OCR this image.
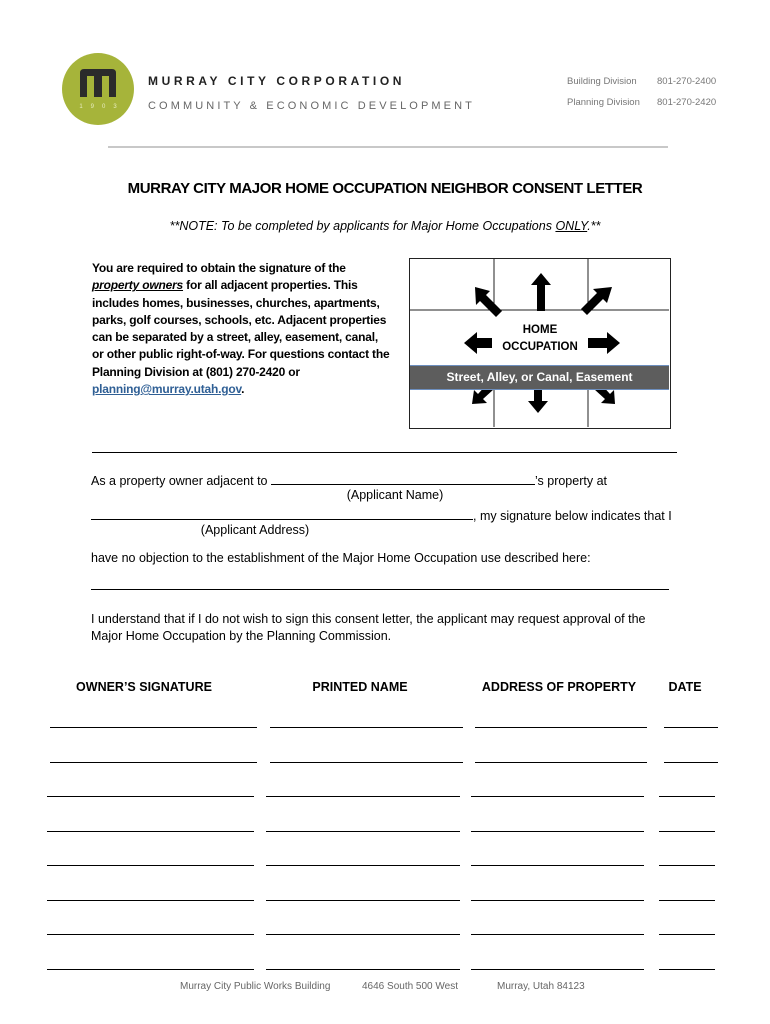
1903
MURRAY CITY CORPORATION
COMMUNITY & ECONOMIC DEVELOPMENT
Building Division 801-270-2400
Planning Division 801-270-2420
MURRAY CITY MAJOR HOME OCCUPATION NEIGHBOR CONSENT LETTER
**NOTE: To be completed by applicants for Major Home Occupations ONLY.**
You are required to obtain the signature of the property owners for all adjacent properties. This includes homes, businesses, churches, apartments, parks, golf courses, schools, etc. Adjacent properties can be separated by a street, alley, easement, canal, or other public right-of-way. For questions contact the Planning Division at (801) 270-2420 or planning@murray.utah.gov.
HOME
OCCUPATION
Street, Alley, or Canal, Easement
As a property owner adjacent to	’s property at
(Applicant Name)
, my signature below indicates that I
(Applicant Address)
have no objection to the establishment of the Major Home Occupation use described here:
I understand that if I do not wish to sign this consent letter, the applicant may request approval of the
Major Home Occupation by the Planning Commission.
OWNER’S SIGNATURE	PRINTED NAME	ADDRESS OF PROPERTY	DATE
Murray City Public Works Building	4646 South 500 West	Murray, Utah 84123
